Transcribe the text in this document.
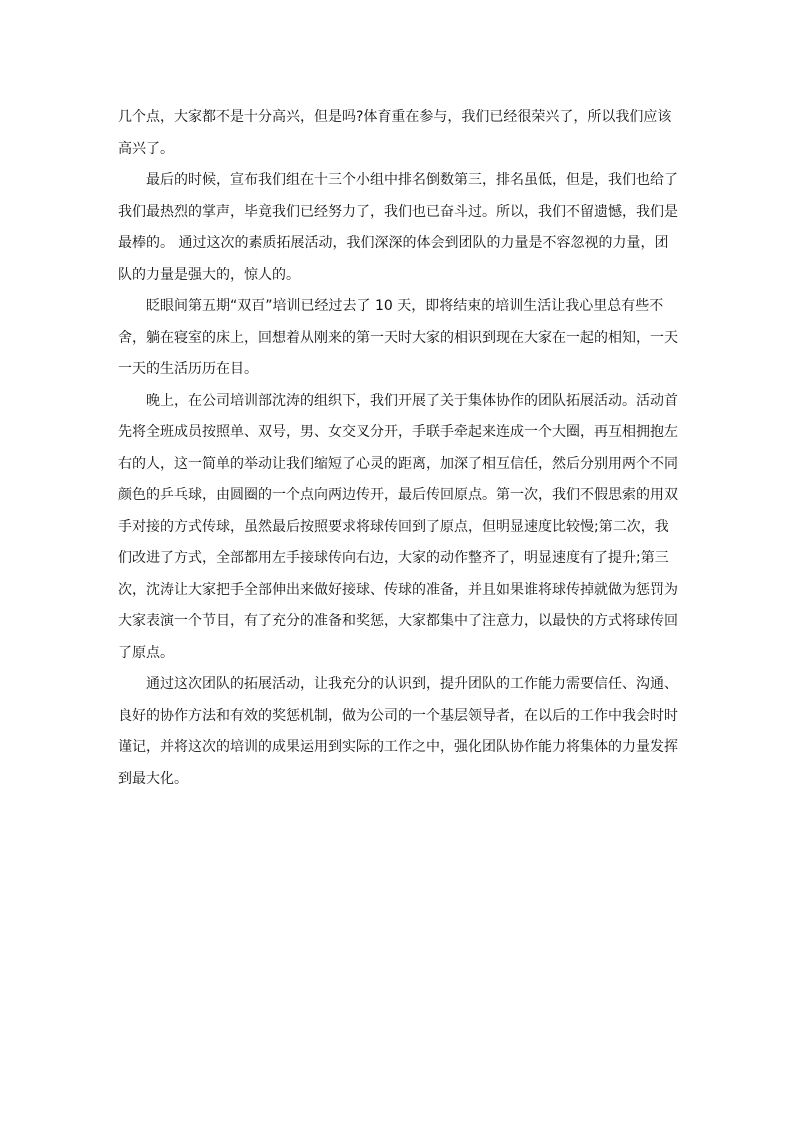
几个点，大家都不是十分高兴，但是吗?体育重在参与，我们已经很荣兴了，所以我们应该
高兴了。
最后的时候，宣布我们组在十三个小组中排名倒数第三，排名虽低，但是，我们也给了
我们最热烈的掌声，毕竟我们已经努力了，我们也已奋斗过。所以，我们不留遗憾，我们是
最棒的。 通过这次的素质拓展活动，我们深深的体会到团队的力量是不容忽视的力量，团
队的力量是强大的，惊人的。
眨眼间第五期“双百”培训已经过去了 10 天，即将结束的培训生活让我心里总有些不
舍，躺在寝室的床上，回想着从刚来的第一天时大家的相识到现在大家在一起的相知，一天
一天的生活历历在目。
晚上，在公司培训部沈涛的组织下，我们开展了关于集体协作的团队拓展活动。活动首
先将全班成员按照单、双号，男、女交叉分开，手联手牵起来连成一个大圈，再互相拥抱左
右的人，这一简单的举动让我们缩短了心灵的距离，加深了相互信任，然后分别用两个不同
颜色的乒乓球，由圆圈的一个点向两边传开，最后传回原点。第一次，我们不假思索的用双
手对接的方式传球，虽然最后按照要求将球传回到了原点，但明显速度比较慢;第二次，我
们改进了方式，全部都用左手接球传向右边，大家的动作整齐了，明显速度有了提升;第三
次，沈涛让大家把手全部伸出来做好接球、传球的准备，并且如果谁将球传掉就做为惩罚为
大家表演一个节目，有了充分的准备和奖惩，大家都集中了注意力，以最快的方式将球传回
了原点。
通过这次团队的拓展活动，让我充分的认识到，提升团队的工作能力需要信任、沟通、
良好的协作方法和有效的奖惩机制，做为公司的一个基层领导者，在以后的工作中我会时时
谨记，并将这次的培训的成果运用到实际的工作之中，强化团队协作能力将集体的力量发挥
到最大化。
